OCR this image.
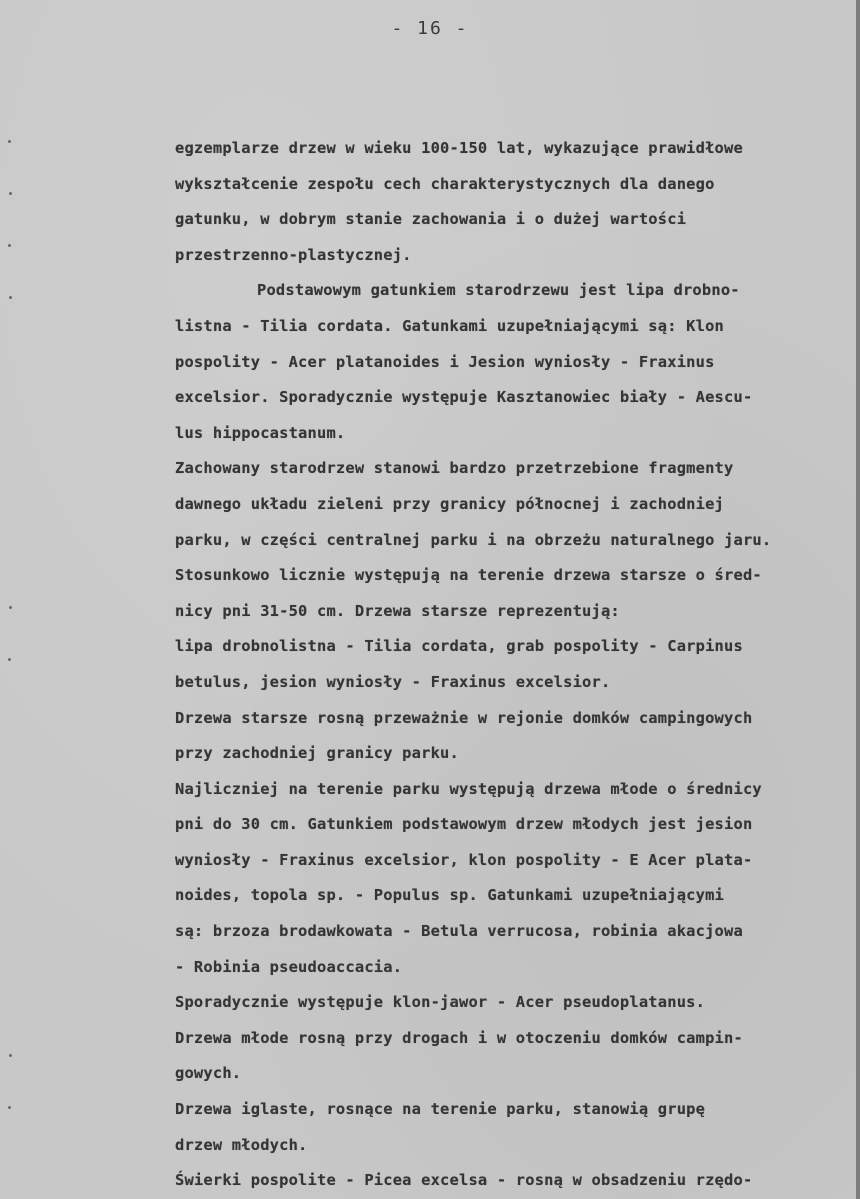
- 16 -
egzemplarze drzew w wieku 100-150 lat, wykazujące prawidłowe
wykształcenie zespołu cech charakterystycznych dla danego
gatunku, w dobrym stanie zachowania i o dużej wartości
przestrzenno-plastycznej.
Podstawowym gatunkiem starodrzewu jest lipa drobno-
listna - Tilia cordata. Gatunkami uzupełniającymi są: Klon
pospolity - Acer platanoides i Jesion wyniosły - Fraxinus
excelsior. Sporadycznie występuje Kasztanowiec biały - Aescu-
lus hippocastanum.
Zachowany starodrzew stanowi bardzo przetrzebione fragmenty
dawnego układu zieleni przy granicy północnej i zachodniej
parku, w części centralnej parku i na obrzeżu naturalnego jaru.
Stosunkowo licznie występują na terenie drzewa starsze o śred-
nicy pni 31-50 cm. Drzewa starsze reprezentują:
lipa drobnolistna - Tilia cordata, grab pospolity - Carpinus
betulus, jesion wyniosły - Fraxinus excelsior.
Drzewa starsze rosną przeważnie w rejonie domków campingowych
przy zachodniej granicy parku.
Najliczniej na terenie parku występują drzewa młode o średnicy
pni do 30 cm. Gatunkiem podstawowym drzew młodych jest jesion
wyniosły - Fraxinus excelsior, klon pospolity - E Acer plata-
noides, topola sp. - Populus sp. Gatunkami uzupełniającymi
są: brzoza brodawkowata - Betula verrucosa, robinia akacjowa
- Robinia pseudoaccacia.
Sporadycznie występuje klon-jawor - Acer pseudoplatanus.
Drzewa młode rosną przy drogach i w otoczeniu domków campin-
gowych.
Drzewa iglaste, rosnące na terenie parku, stanowią grupę
drzew młodych.
Świerki pospolite - Picea excelsa - rosną w obsadzeniu rzędo-
